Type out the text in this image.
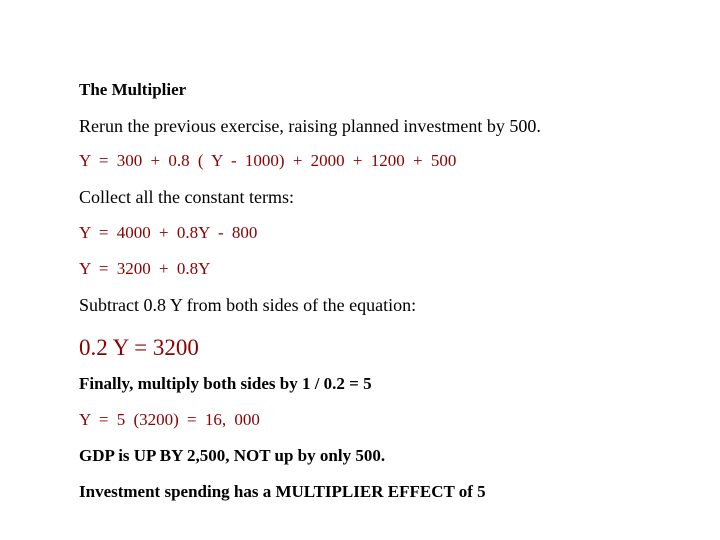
The Multiplier

Rerun the previous exercise, raising planned investment by 500.

Y = 300 + 0.8 ( Y - 1000) + 2000 + 1200 + 500

Collect all the constant terms:

Y = 4000 + 0.8Y - 800

Y = 3200 + 0.8Y

Subtract 0.8 Y from both sides of the equation:

0.2 Y = 3200

Finally, multiply both sides by 1 / 0.2 = 5

Y = 5 (3200) = 16, 000

GDP is UP BY 2,500, NOT up by only 500.

Investment spending has a MULTIPLIER EFFECT of 5
